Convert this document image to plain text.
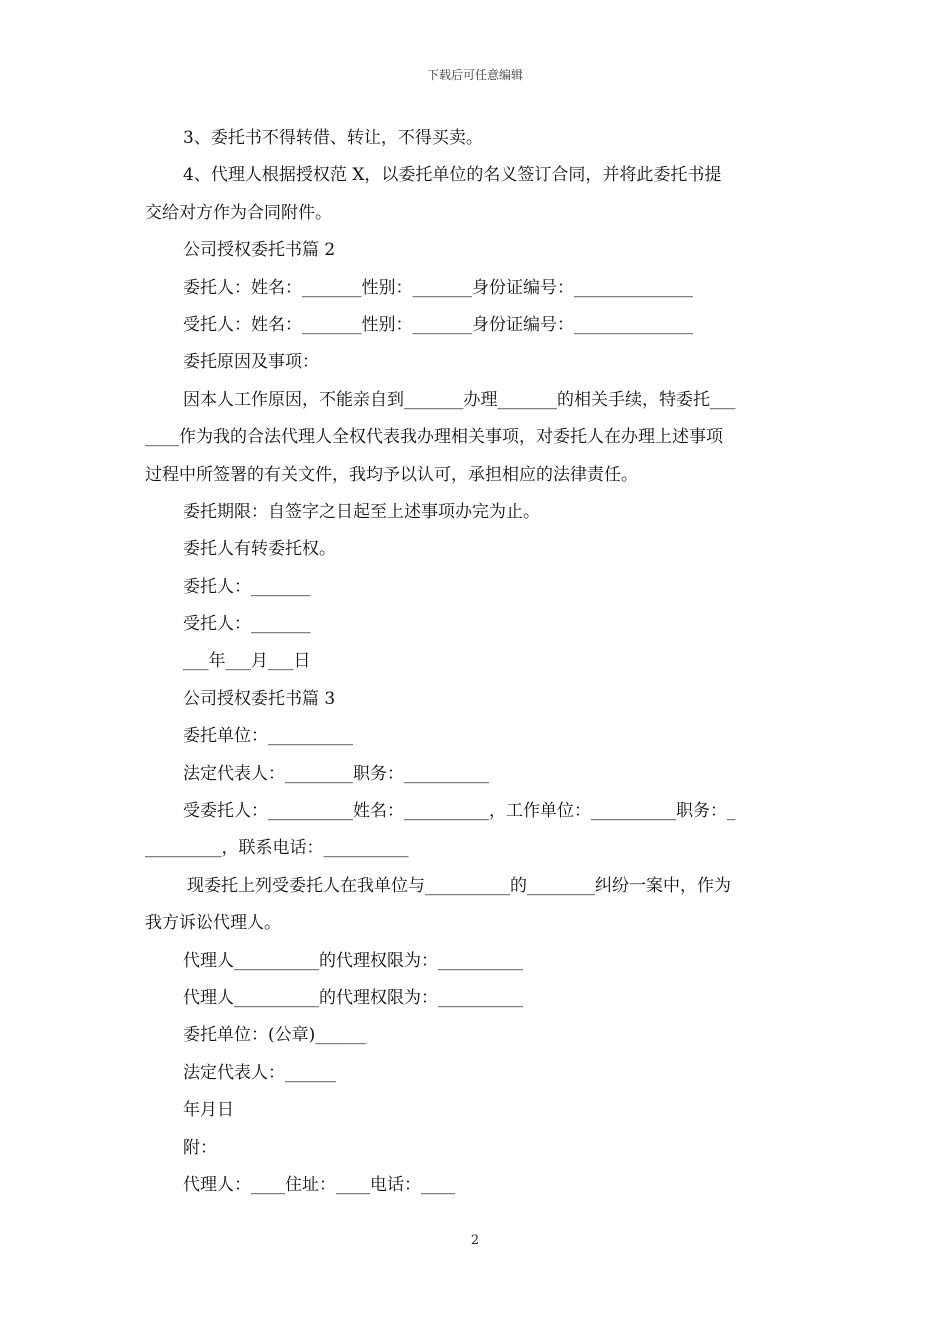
下载后可任意编辑
3、委托书不得转借、转让，不得买卖。
4、代理人根据授权范 X，以委托单位的名义签订合同，并将此委托书提
交给对方作为合同附件。
公司授权委托书篇 2
委托人：姓名：_______性别：_______身份证编号：______________
受托人：姓名：_______性别：_______身份证编号：______________
委托原因及事项：
因本人工作原因，不能亲自到_______办理_______的相关手续，特委托___
____作为我的合法代理人全权代表我办理相关事项，对委托人在办理上述事项
过程中所签署的有关文件，我均予以认可，承担相应的法律责任。
委托期限：自签字之日起至上述事项办完为止。
委托人有转委托权。
委托人：_______
受托人：_______
___年___月___日
公司授权委托书篇 3
委托单位：__________
法定代表人：________职务：__________
受委托人：__________姓名：__________，工作单位：__________职务：_
_________，联系电话：__________
现委托上列受委托人在我单位与__________的________纠纷一案中，作为
我方诉讼代理人。
代理人__________的代理权限为：__________
代理人__________的代理权限为：__________
委托单位：(公章)______
法定代表人：______
年月日
附：
代理人：____住址：____电话：____
2
